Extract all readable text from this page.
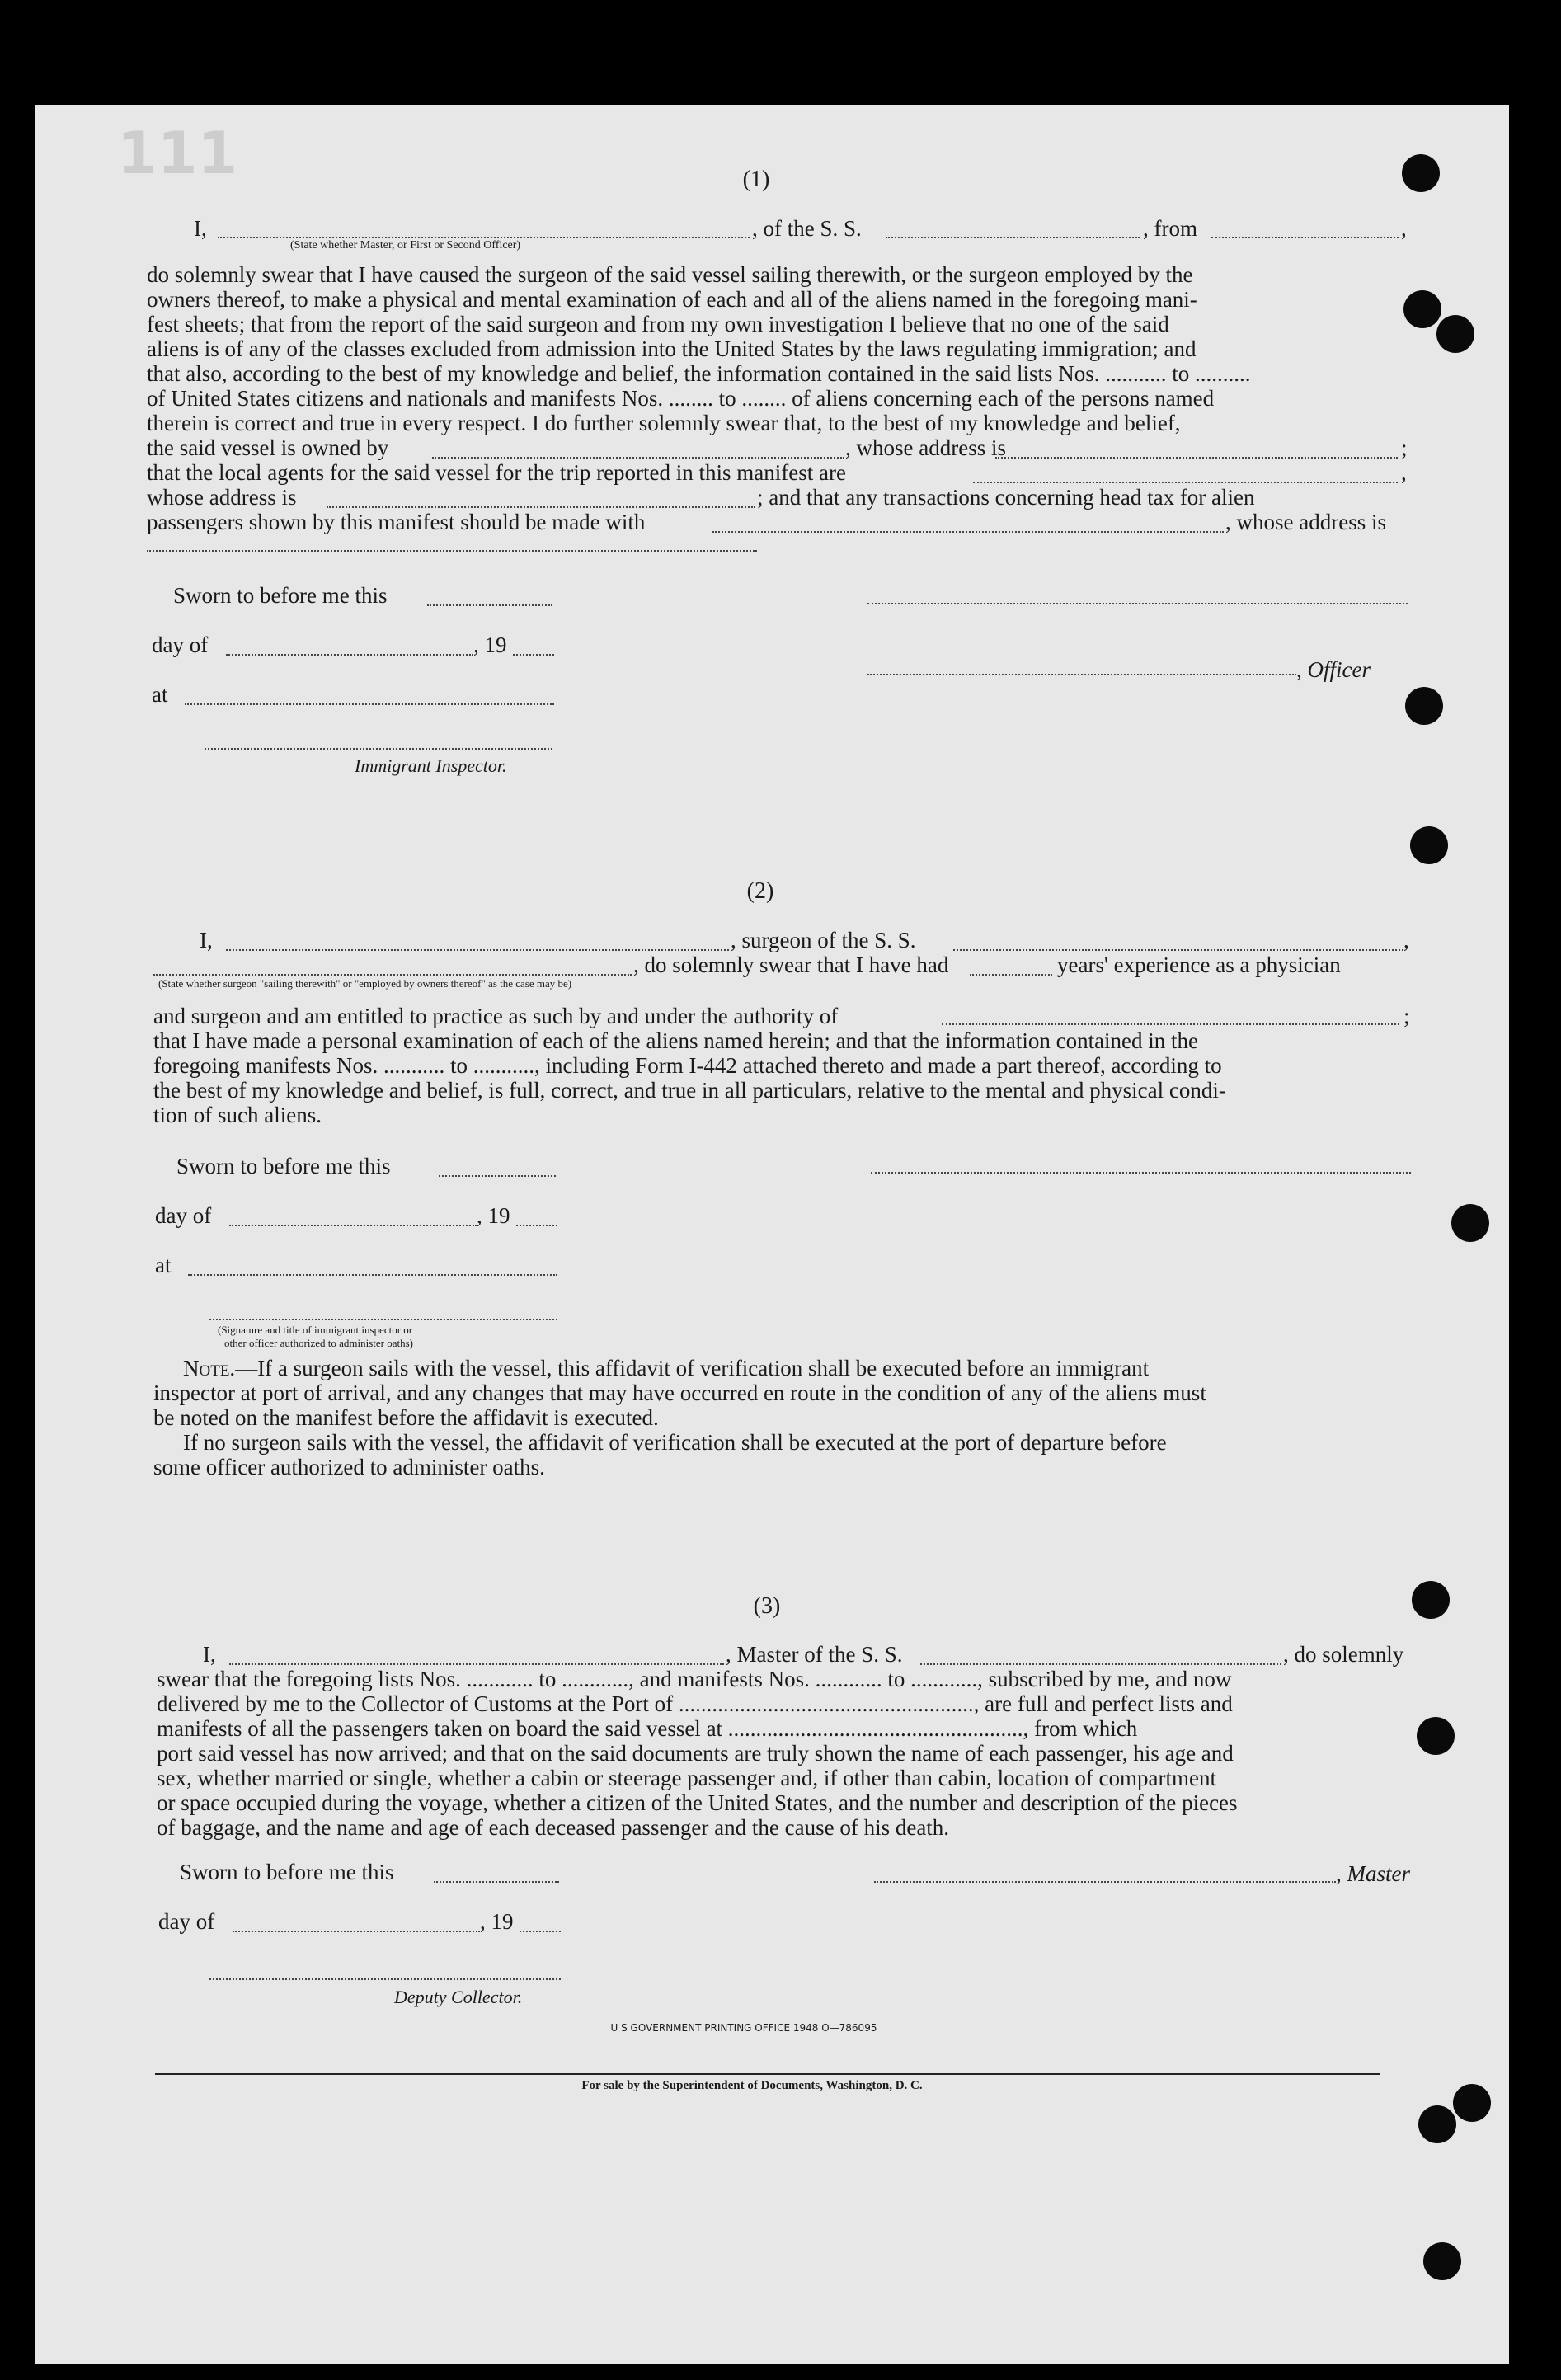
111	(1)
I,	, of the S. S.	, from	,
(State whether Master, or First or Second Officer)
do solemnly swear that I have caused the surgeon of the said vessel sailing therewith, or the surgeon employed by the
owners thereof, to make a physical and mental examination of each and all of the aliens named in the foregoing mani-
fest sheets; that from the report of the said surgeon and from my own investigation I believe that no one of the said
aliens is of any of the classes excluded from admission into the United States by the laws regulating immigration; and
that also, according to the best of my knowledge and belief, the information contained in the said lists Nos. ........... to ..........
of United States citizens and nationals and manifests Nos. ........ to ........ of aliens concerning each of the persons named
therein is correct and true in every respect. I do further solemnly swear that, to the best of my knowledge and belief,
the said vessel is owned by	, whose address is	;
that the local agents for the said vessel for the trip reported in this manifest are	,
whose address is	; and that any transactions concerning head tax for alien
passengers shown by this manifest should be made with	, whose address is
Sworn to before me this
day of	, 19
, Officer
at
Immigrant Inspector.
(2)
I,	, surgeon of the S. S.	,
, do solemnly swear that I have had	years' experience as a physician
(State whether surgeon "sailing therewith" or "employed by owners thereof" as the case may be)
and surgeon and am entitled to practice as such by and under the authority of
that I have made a personal examination of each of the aliens named herein; and that the information contained in the
foregoing manifests Nos. ........... to ..........., including Form I-442 attached thereto and made a part thereof, according to
the best of my knowledge and belief, is full, correct, and true in all particulars, relative to the mental and physical condi-
tion of such aliens.
;
Sworn to before me this
day of	, 19
at
(Signature and title of immigrant inspector or
other officer authorized to administer oaths)
Note.—If a surgeon sails with the vessel, this affidavit of verification shall be executed before an immigrant
inspector at port of arrival, and any changes that may have occurred en route in the condition of any of the aliens must
be noted on the manifest before the affidavit is executed.
If no surgeon sails with the vessel, the affidavit of verification shall be executed at the port of departure before
some officer authorized to administer oaths.
(3)
I,	, Master of the S. S.	, do solemnly
swear that the foregoing lists Nos. ............ to ............, and manifests Nos. ............ to ............, subscribed by me, and now
delivered by me to the Collector of Customs at the Port of ....................................................., are full and perfect lists and
manifests of all the passengers taken on board the said vessel at ....................................................., from which
port said vessel has now arrived; and that on the said documents are truly shown the name of each passenger, his age and
sex, whether married or single, whether a cabin or steerage passenger and, if other than cabin, location of compartment
or space occupied during the voyage, whether a citizen of the United States, and the number and description of the pieces
of baggage, and the name and age of each deceased passenger and the cause of his death.
Sworn to before me this	, Master
day of	, 19
Deputy Collector.
U S GOVERNMENT PRINTING OFFICE 1948 O—786095
For sale by the Superintendent of Documents, Washington, D. C.
